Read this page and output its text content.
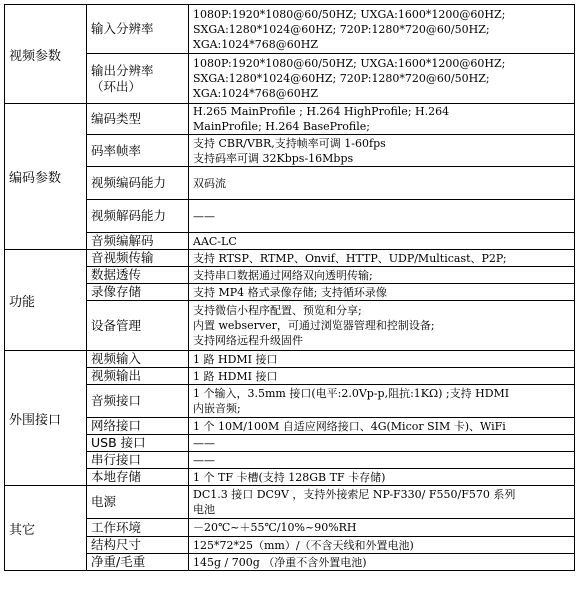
视频参数	输入分辨率	1080P:1920*1080@60/50HZ; UXGA:1600*1200@60HZ;
SXGA:1280*1024@60HZ; 720P:1280*720@60/50HZ;
XGA:1024*768@60HZ
	输出分辨率
（环出）	1080P:1920*1080@60/50HZ; UXGA:1600*1200@60HZ;
SXGA:1280*1024@60HZ; 720P:1280*720@60/50HZ;
XGA:1024*768@60HZ
编码参数	编码类型	H.265 MainProfile ; H.264 HighProfile; H.264
MainProfile; H.264 BaseProfile;
	码率帧率	支持 CBR/VBR,支持帧率可调 1-60fps
支持码率可调 32Kbps-16Mbps
	视频编码能力	双码流
	视频解码能力	——
	音频编解码	AAC-LC
功能	音视频传输	支持 RTSP、RTMP、Onvif、HTTP、UDP/Multicast、P2P;
	数据透传	支持串口数据通过网络双向透明传输;
	录像存储	支持 MP4 格式录像存储; 支持循环录像
	设备管理	支持微信小程序配置、预览和分享;
内置 webserver，可通过浏览器管理和控制设备;
支持网络远程升级固件
外围接口	视频输入	1 路 HDMI 接口
	视频输出	1 路 HDMI 接口
	音频接口	1 个输入，3.5mm 接口(电平:2.0Vp-p,阻抗:1KΩ) ;支持 HDMI
内嵌音频;
	网络接口	1 个 10M/100M 自适应网络接口、4G(Micor SIM 卡)、WiFi
	USB 接口	——
	串行接口	——
	本地存储	1 个 TF 卡槽(支持 128GB TF 卡存储)
其它	电源	DC1.3 接口 DC9V ，支持外接索尼 NP-F330/ F550/F570 系列
电池
	工作环境	－20℃~＋55℃/10%~90%RH
	结构尺寸	125*72*25（mm）/（不含天线和外置电池)
	净重/毛重	145g / 700g （净重不含外置电池)
